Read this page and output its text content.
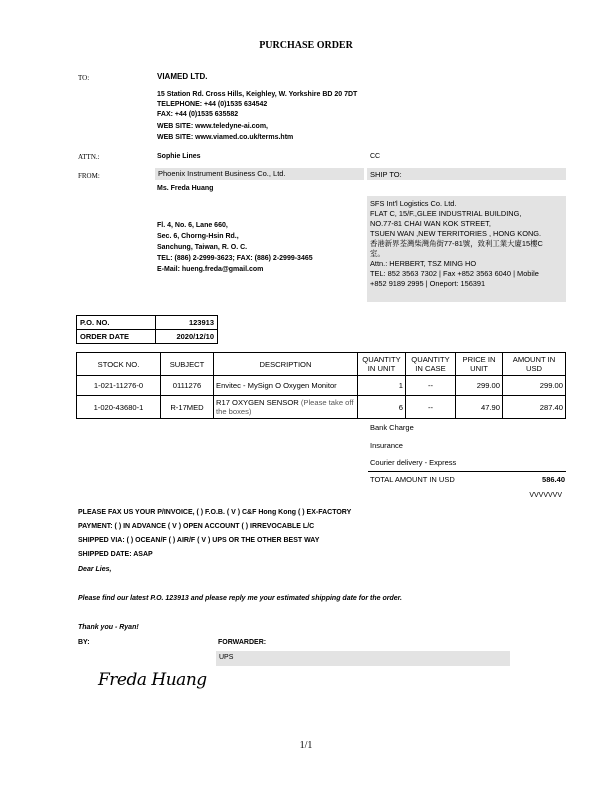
PURCHASE ORDER
TO:	VIAMED LTD.
15 Station Rd. Cross Hills, Keighley, W. Yorkshire BD 20 7DT
TELEPHONE: +44 (0)1535 634542
FAX: +44 (0)1535 635582
WEB SITE: www.teledyne-ai.com,
WEB SITE: www.viamed.co.uk/terms.htm
ATTN.:	Sophie Lines	CC
FROM:	Phoenix Instrument Business Co., Ltd.	SHIP TO:
Ms. Freda Huang
Fl. 4, No. 6, Lane 660,
Sec. 6, Chorng-Hsin Rd.,
Sanchung, Taiwan, R. O. C.
TEL: (886) 2-2999-3623; FAX: (886) 2-2999-3465
E-Mail: hueng.freda@gmail.com
SFS Int'l Logistics Co. Ltd.
FLAT C, 15/F.,GLEE INDUSTRIAL BUILDING,
NO.77-81 CHAI WAN KOK STREET,
TSUEN WAN ,NEW TERRITORIES , HONG KONG.
香港新界荃灣柴灣角街77-81號，致利工業大廈15樓C
室。
Attn.: HERBERT, TSZ MING HO
TEL: 852 3563 7302 | Fax +852 3563 6040 | Mobile
+852 9189 2995 | Oneport: 156391
P.O. NO.	123913
ORDER DATE	2020/12/10
STOCK NO.	SUBJECT	DESCRIPTION	QUANTITY IN UNIT	QUANTITY IN CASE	PRICE IN UNIT	AMOUNT IN USD
1-021-11276-0	0111276	Envitec - MySign O Oxygen Monitor	1	--	299.00	299.00
1-020-43680-1	R-17MED	R17 OXYGEN SENSOR (Please take off the boxes)	6	--	47.90	287.40
Bank Charge
Insurance
Courier delivery - Express
TOTAL AMOUNT IN USD	586.40
VVVVVVV
PLEASE FAX US YOUR P/INVOICE, ( ) F.O.B. ( V ) C&F Hong Kong ( ) EX-FACTORY
PAYMENT: ( ) IN ADVANCE ( V ) OPEN ACCOUNT ( ) IRREVOCABLE L/C
SHIPPED VIA: ( ) OCEAN/F ( ) AIR/F ( V ) UPS OR THE OTHER BEST WAY
SHIPPED DATE: ASAP
Dear Lies,
Please find our latest P.O. 123913 and please reply me your estimated shipping date for the order.
Thank you - Ryan!
BY:	FORWARDER:
UPS
Freda Huang
1/1
